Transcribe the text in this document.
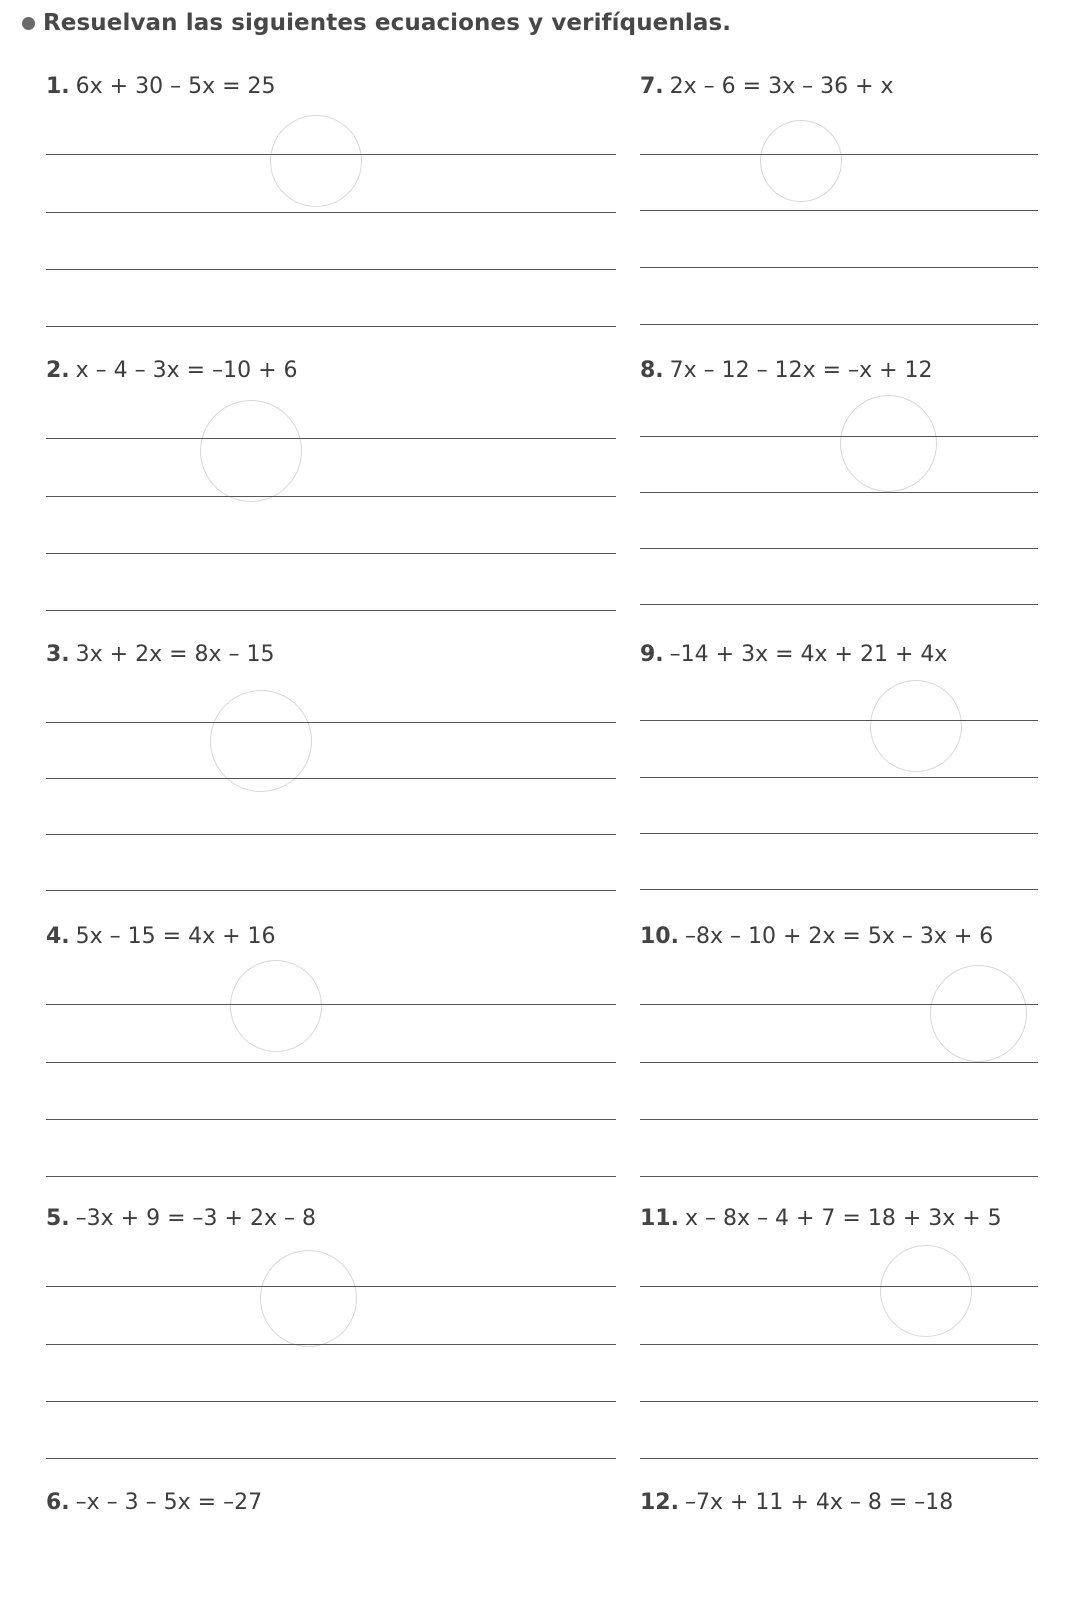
Resuelvan las siguientes ecuaciones y verifíquenlas.
1. 6x + 30 – 5x = 25
2. x – 4 – 3x = –10 + 6
3. 3x + 2x = 8x – 15
4. 5x – 15 = 4x + 16
5. –3x + 9 = –3 + 2x – 8
6. –x – 3 – 5x = –27
7. 2x – 6 = 3x – 36 + x
8. 7x – 12 – 12x = –x + 12
9. –14 + 3x = 4x + 21 + 4x
10. –8x – 10 + 2x = 5x – 3x + 6
11. x – 8x – 4 + 7 = 18 + 3x + 5
12. –7x + 11 + 4x – 8 = –18
